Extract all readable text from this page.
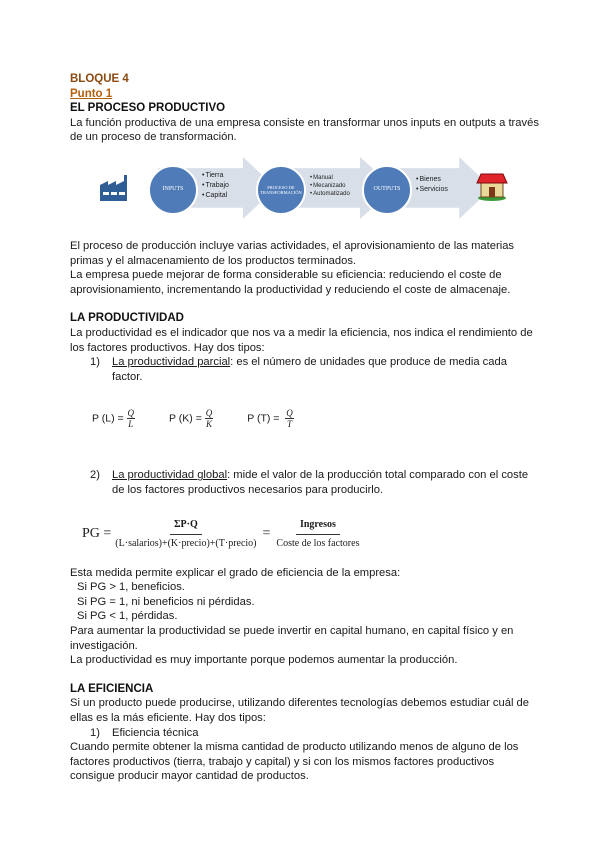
BLOQUE 4
Punto 1
EL PROCESO PRODUCTIVO

La función productiva de una empresa consiste en transformar unos inputs en outputs a través de un proceso de transformación.

INPUTS
• Tierra
• Trabajo
• Capital
PROCESO DE TRANSFORMACIÓN
• Manual
• Mecanizado
• Automatizado
OUTPUTS
• Bienes
• Servicios

El proceso de producción incluye varias actividades, el aprovisionamiento de las materias primas y el almacenamiento de los productos terminados.

La empresa puede mejorar de forma considerable su eficiencia: reduciendo el coste de aprovisionamiento, incrementando la productividad y reduciendo el coste de almacenaje.

LA PRODUCTIVIDAD

La productividad es el indicador que nos va a medir la eficiencia, nos indica el rendimiento de los factores productivos. Hay dos tipos:

1)	La productividad parcial: es el número de unidades que produce de media cada factor.
P $(L) = \frac{Q}{L}$	P $(K) = \frac{Q}{K}$	P $(T) = \frac{Q}{T}$
2)	La productividad global: mide el valor de la producción total comparado con el coste de los factores productivos necesarios para producirlo.
PG = $\frac{\Sigma P\cdot Q}{\text{(L·salarios)+(K·precio)+(T·precio)}} = \frac{\text{Ingresos}}{\text{Coste de los factores}}$

Esta medida permite explicar el grado de eficiencia de la empresa:

Si PG > 1, beneficios.

Si PG = 1, ni beneficios ni pérdidas.

Si PG < 1, pérdidas.

Para aumentar la productividad se puede invertir en capital humano, en capital físico y en investigación.

La productividad es muy importante porque podemos aumentar la producción.

LA EFICIENCIA

Si un producto puede producirse, utilizando diferentes tecnologías debemos estudiar cuál de ellas es la más eficiente. Hay dos tipos:

1)	Eficiencia técnica

Cuando permite obtener la misma cantidad de producto utilizando menos de alguno de los factores productivos (tierra, trabajo y capital) y si con los mismos factores productivos consigue producir mayor cantidad de productos.
